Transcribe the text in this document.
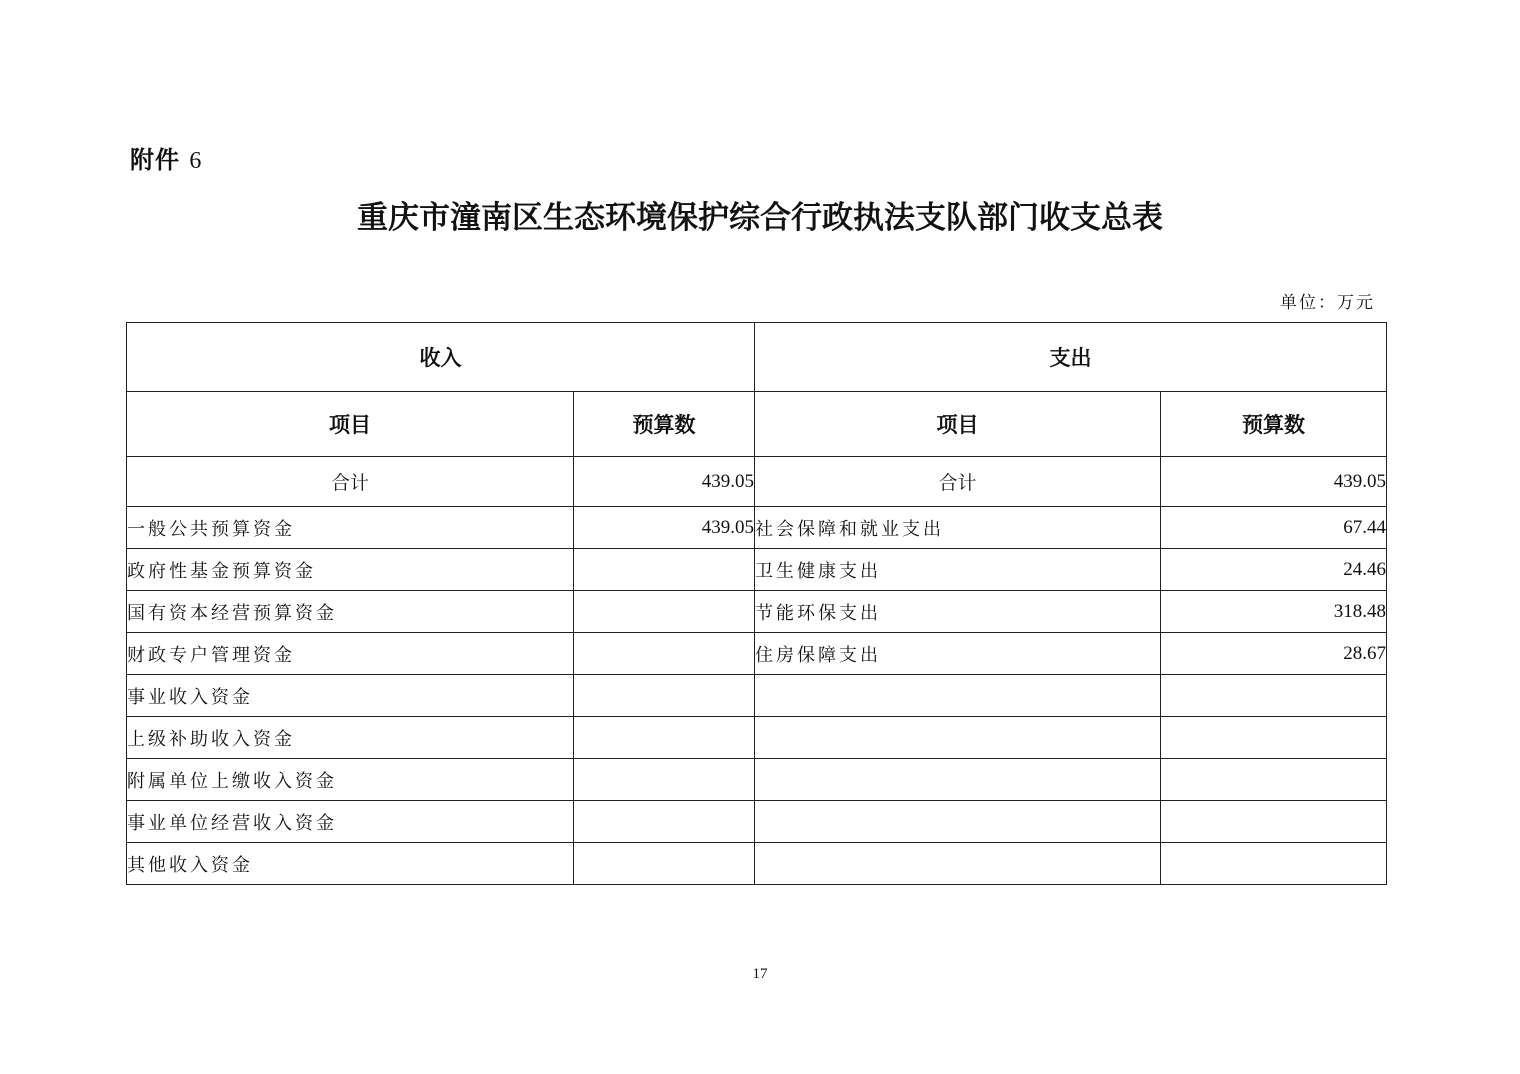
附件 6
重庆市潼南区生态环境保护综合行政执法支队部门收支总表
单位：万元
收入		支出	
项目	预算数	项目	预算数
合计	439.05	合计	439.05
一般公共预算资金	439.05	社会保障和就业支出	67.44
政府性基金预算资金		卫生健康支出	24.46
国有资本经营预算资金		节能环保支出	318.48
财政专户管理资金		住房保障支出	28.67
事业收入资金			
上级补助收入资金			
附属单位上缴收入资金			
事业单位经营收入资金			
其他收入资金			
17
